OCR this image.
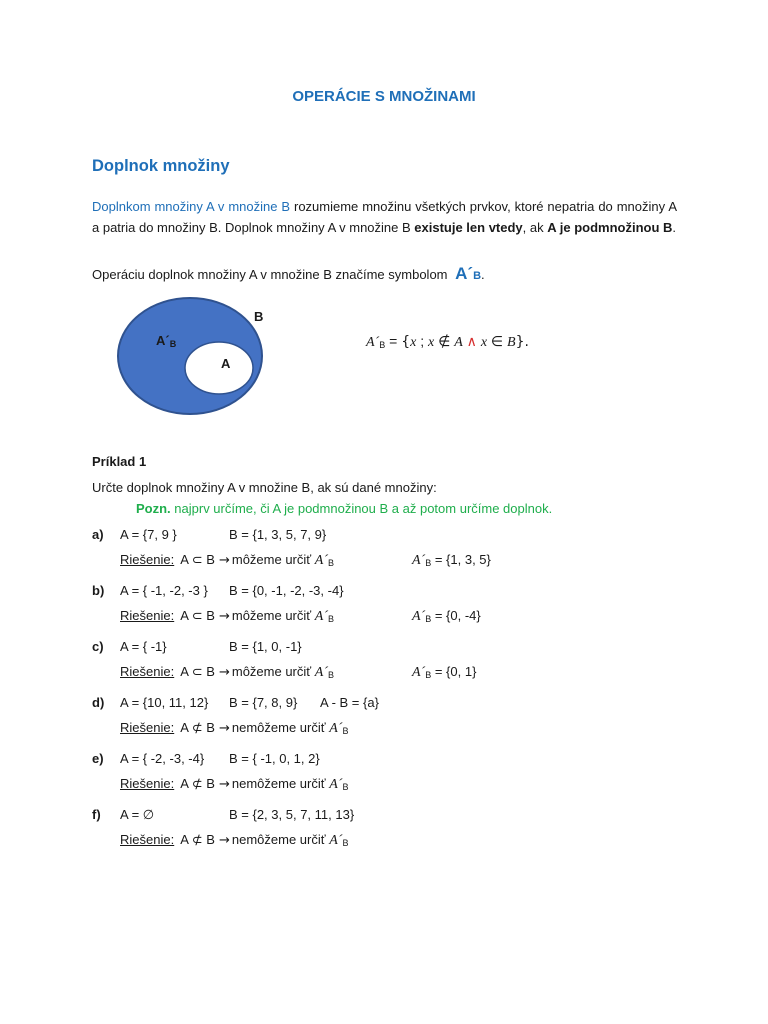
OPERÁCIE S MNOŽINAMI
Doplnok množiny
Doplnkom množiny A v množine B rozumieme množinu všetkých prvkov, ktoré nepatria do množiny A a patria do množiny B. Doplnok množiny A v množine B existuje len vtedy, ak A je podmnožinou B.
Operáciu doplnok množiny A v množine B značíme symbolom A´B.
B
$A´_B$
A
$A´_B = \{x$ ; x ∉ A ∧ x ∈ B}.
Príklad 1
Určte doplnok množiny A v množine B, ak sú dané množiny:
Pozn. najprv určíme, či A je podmnožinou B a až potom určíme doplnok.
a) A = {7, 9 }	B = {1, 3, 5, 7, 9}
Riešenie: A ⊂ B → môžeme určiť $A´_B$	$A´_B = \{1$, 3, 5}
b) A = { -1, -2, -3 } B = {0, -1, -2, -3, -4}
Riešenie: A ⊂ B → môžeme určiť $A´_B$	$A´_B = \{0$, -4}
c) A = { -1}	B = {1, 0, -1}
Riešenie: A ⊂ B → môžeme určiť $A´_B$	$A´_B = \{0$, 1}
d) A = {10, 11, 12} B = {7, 8, 9} A - B = {a}
Riešenie: A ⊄ B → nemôžeme určiť $A´_B$
e) A = { -2, -3, -4} B = { -1, 0, 1, 2}
Riešenie: A ⊄ B → nemôžeme určiť $A´_B$
f) A = ∅	B = {2, 3, 5, 7, 11, 13}
Riešenie: A ⊄ B → nemôžeme určiť $A´_B$
